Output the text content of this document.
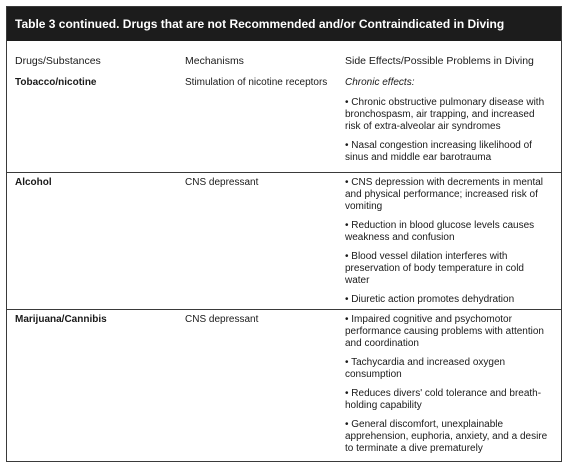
Table 3 continued. Drugs that are not Recommended and/or Contraindicated in Diving
Drugs/Substances	Mechanisms	Side Effects/Possible Problems in Diving
Tobacco/nicotine	Stimulation of nicotine receptors	Chronic effects:
• Chronic obstructive pulmonary disease with bronchospasm, air trapping, and increased risk of extra-alveolar air syndromes
• Nasal congestion increasing likelihood of sinus and middle ear barotrauma
Alcohol	CNS depressant	• CNS depression with decrements in mental and physical performance; increased risk of vomiting
• Reduction in blood glucose levels causes weakness and confusion
• Blood vessel dilation interferes with preservation of body temperature in cold water
• Diuretic action promotes dehydration
Marijuana/Cannibis	CNS depressant	• Impaired cognitive and psychomotor performance causing problems with attention and coordination
• Tachycardia and increased oxygen consumption
• Reduces divers' cold tolerance and breath-holding capability
• General discomfort, unexplainable apprehension, euphoria, anxiety, and a desire to terminate a dive prematurely
